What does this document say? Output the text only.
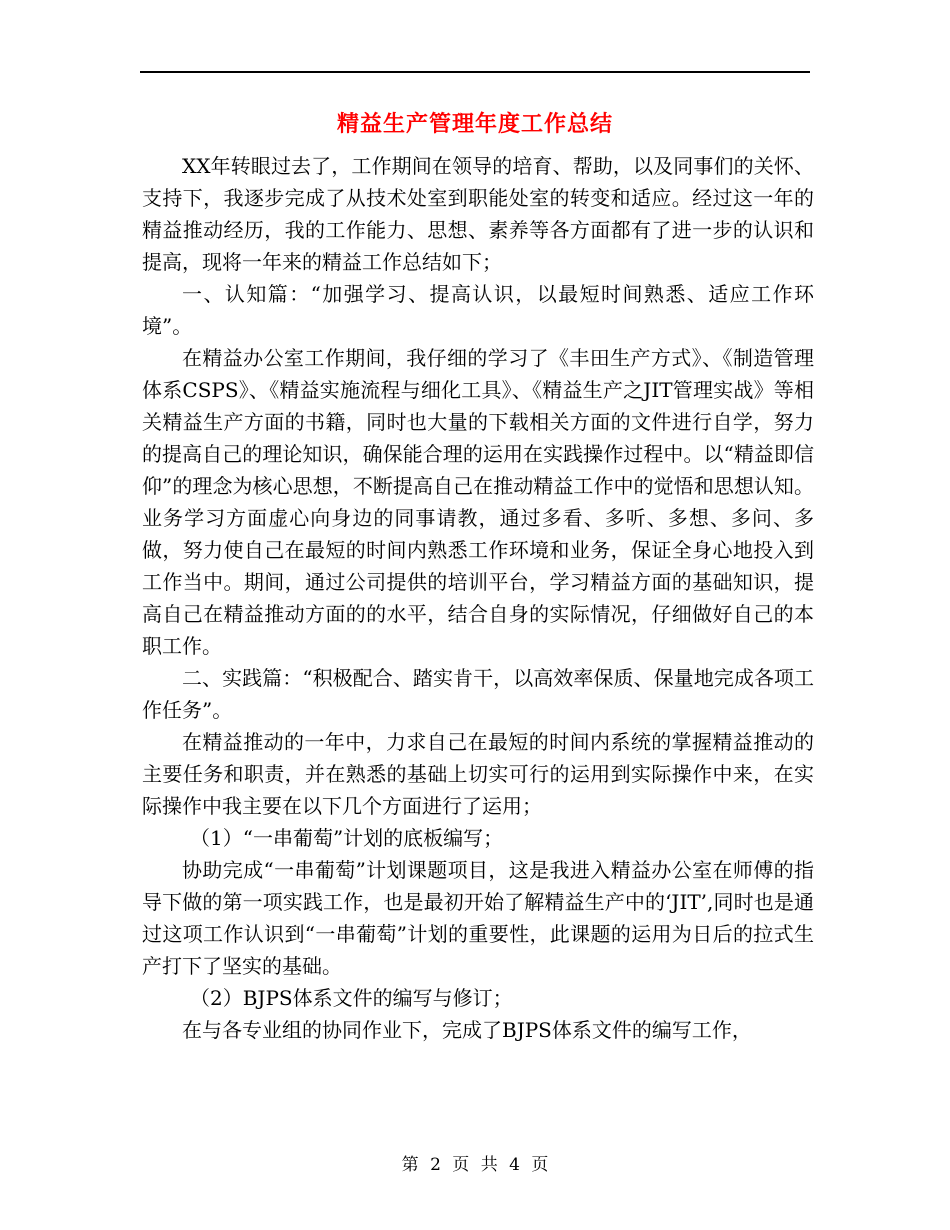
精益生产管理年度工作总结

XX年转眼过去了，工作期间在领导的培育、帮助，以及同事们的关怀、支持下，我逐步完成了从技术处室到职能处室的转变和适应。经过这一年的精益推动经历，我的工作能力、思想、素养等各方面都有了进一步的认识和提高，现将一年来的精益工作总结如下；

一、认知篇：“加强学习、提高认识，以最短时间熟悉、适应工作环境”。

在精益办公室工作期间，我仔细的学习了《丰田生产方式》、《制造管理体系CSPS》、《精益实施流程与细化工具》、《精益生产之JIT管理实战》等相关精益生产方面的书籍，同时也大量的下载相关方面的文件进行自学，努力的提高自己的理论知识，确保能合理的运用在实践操作过程中。以“精益即信仰”的理念为核心思想，不断提高自己在推动精益工作中的觉悟和思想认知。业务学习方面虚心向身边的同事请教，通过多看、多听、多想、多问、多做，努力使自己在最短的时间内熟悉工作环境和业务，保证全身心地投入到工作当中。期间，通过公司提供的培训平台，学习精益方面的基础知识，提高自己在精益推动方面的的水平，结合自身的实际情况，仔细做好自己的本职工作。

二、实践篇：“积极配合、踏实肯干，以高效率保质、保量地完成各项工作任务”。

在精益推动的一年中，力求自己在最短的时间内系统的掌握精益推动的主要任务和职责，并在熟悉的基础上切实可行的运用到实际操作中来，在实际操作中我主要在以下几个方面进行了运用；

（1）“一串葡萄”计划的底板编写；

协助完成“一串葡萄”计划课题项目，这是我进入精益办公室在师傅的指导下做的第一项实践工作，也是最初开始了解精益生产中的‘JIT’,同时也是通过这项工作认识到“一串葡萄”计划的重要性，此课题的运用为日后的拉式生产打下了坚实的基础。

（2）BJPS体系文件的编写与修订；

在与各专业组的协同作业下，完成了BJPS体系文件的编写工作，

第 2 页 共 4 页
